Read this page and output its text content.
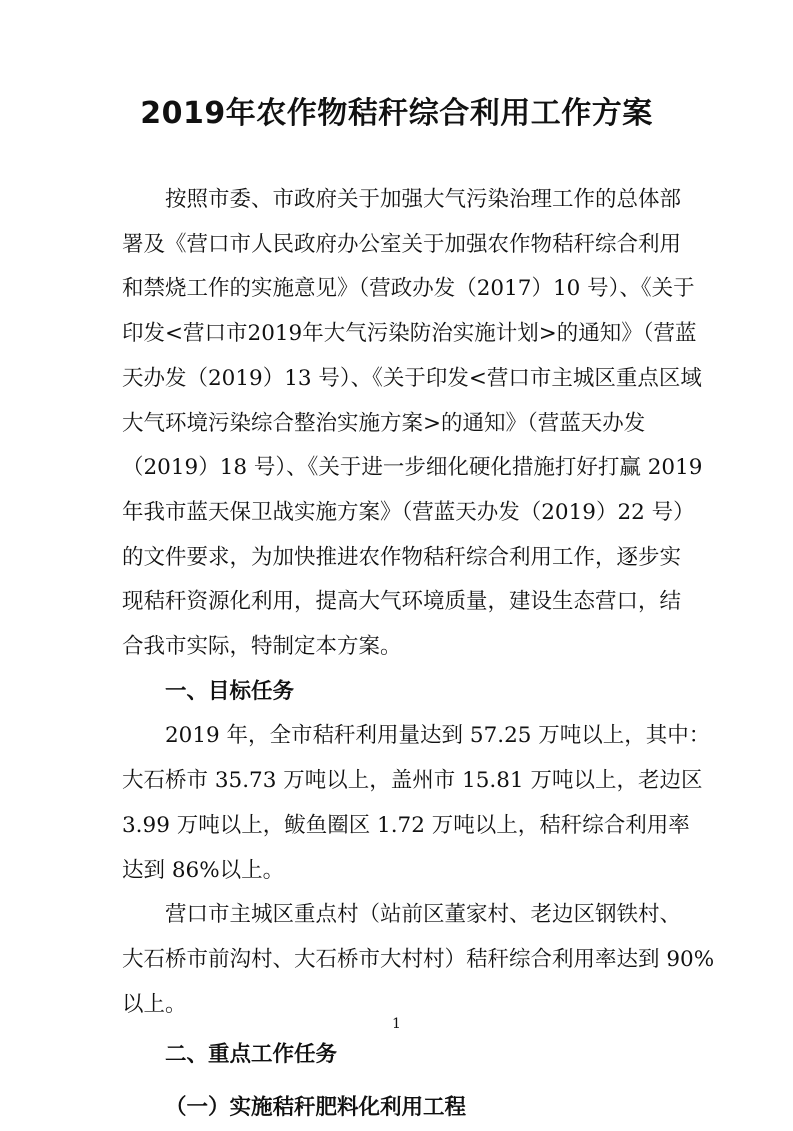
2019年农作物秸秆综合利用工作方案
按照市委、市政府关于加强大气污染治理工作的总体部
署及《营口市人民政府办公室关于加强农作物秸秆综合利用
和禁烧工作的实施意见》（营政办发（2017）10 号）、《关于
印发<营口市2019年大气污染防治实施计划>的通知》（营蓝
天办发（2019）13 号）、《关于印发<营口市主城区重点区域
大气环境污染综合整治实施方案>的通知》（营蓝天办发
（2019）18 号）、《关于进一步细化硬化措施打好打赢 2019
年我市蓝天保卫战实施方案》（营蓝天办发（2019）22 号）
的文件要求，为加快推进农作物秸秆综合利用工作，逐步实
现秸秆资源化利用，提高大气环境质量，建设生态营口，结
合我市实际，特制定本方案。
一、目标任务
2019 年，全市秸秆利用量达到 57.25 万吨以上，其中：
大石桥市 35.73 万吨以上，盖州市 15.81 万吨以上，老边区
3.99 万吨以上，鲅鱼圈区 1.72 万吨以上，秸秆综合利用率
达到 86%以上。
营口市主城区重点村（站前区董家村、老边区钢铁村、
大石桥市前沟村、大石桥市大村村）秸秆综合利用率达到 90%
以上。
二、重点工作任务
（一）实施秸秆肥料化利用工程
1
